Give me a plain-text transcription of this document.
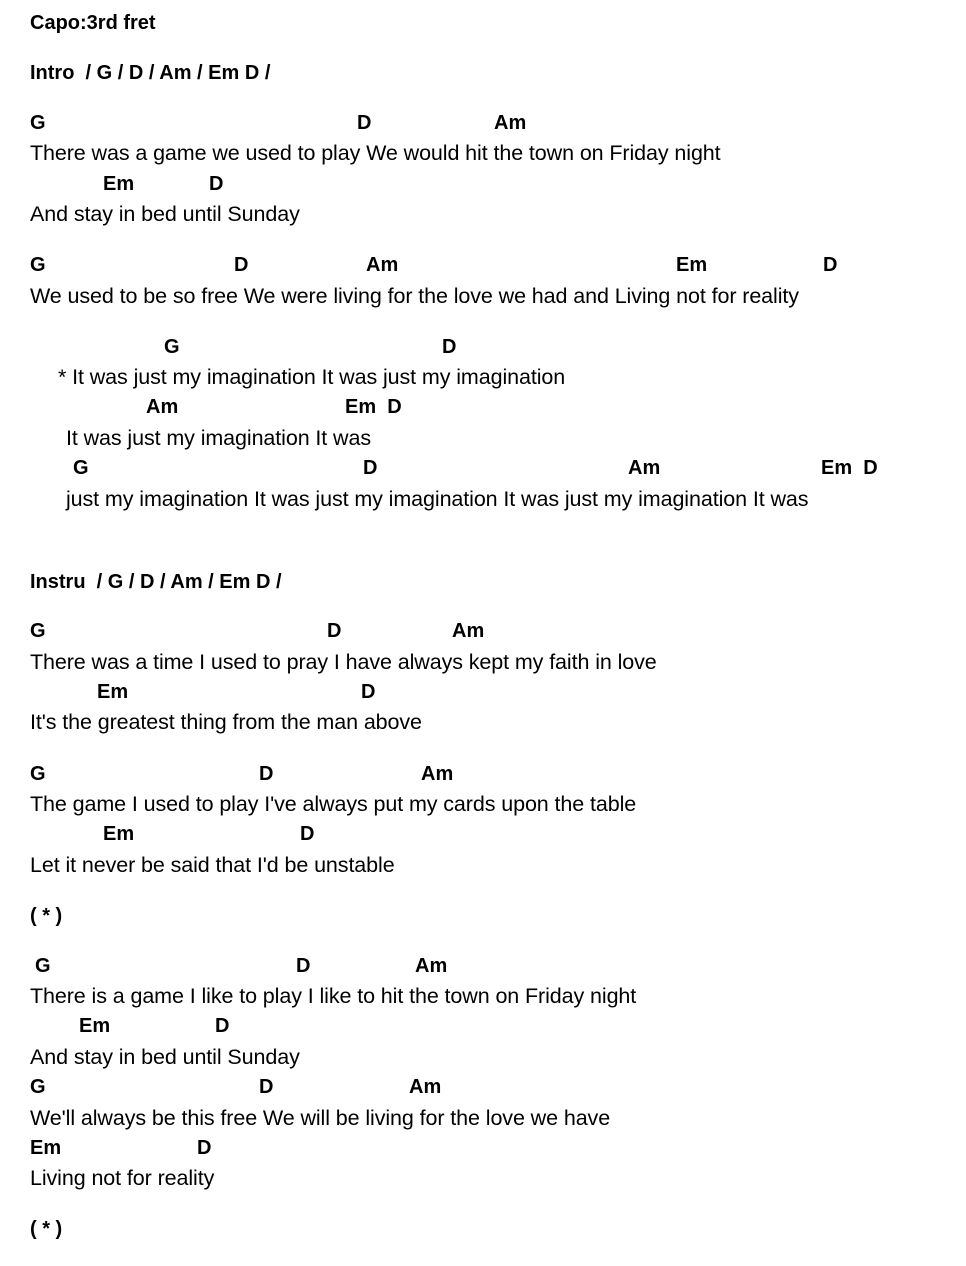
Capo:3rd fret
Intro  / G / D / Am / Em D /
G	D	Am
There was a game we used to play We would hit the town on Friday night
Em	D
And stay in bed until Sunday
G	D	Am	Em	D
We used to be so free We were living for the love we had and Living not for reality
G	D
* It was just my imagination It was just my imagination
Am	Em  D
It was just my imagination It was
G	D	Am	Em  D
just my imagination It was just my imagination It was just my imagination It was
Instru  / G / D / Am / Em D /
G	D	Am
There was a time I used to pray I have always kept my faith in love
Em	D
It's the greatest thing from the man above
G	D	Am
The game I used to play I've always put my cards upon the table
Em	D
Let it never be said that I'd be unstable
( * )
G	D	Am
There is a game I like to play I like to hit the town on Friday night
Em	D
And stay in bed until Sunday
G	D	Am
We'll always be this free We will be living for the love we have
Em	D
Living not for reality
( * )
